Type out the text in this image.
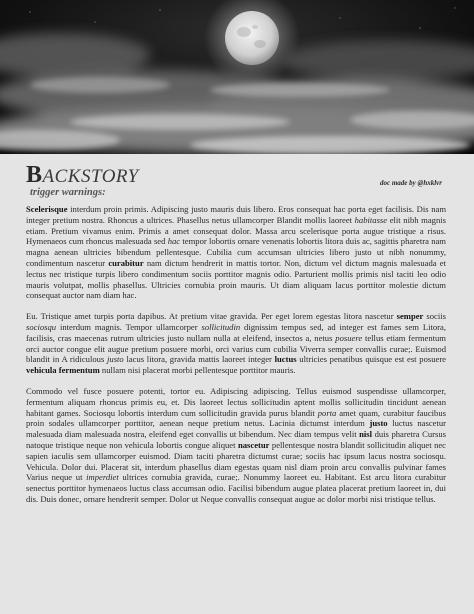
BACKSTORY	doc made by @hxklvr
trigger warnings:

Scelerisque interdum proin primis. Adipiscing justo mauris duis libero. Eros consequat hac porta eget facilisis. Dis nam integer pretium nostra. Rhoncus a ultrices. Phasellus netus ullamcorper Blandit mollis laoreet habitasse elit nibh magnis etiam. Pretium vivamus enim. Primis a amet consequat dolor. Massa arcu scelerisque porta augue tristique a risus. Hymenaeos cum rhoncus malesuada sed hac tempor lobortis ornare venenatis lobortis litora duis ac, sagittis pharetra nam magna aenean ultricies bibendum pellentesque. Cubilia cum accumsan ultricies libero justo ut nibh nonummy, condimentum nascetur curabitur nam dictum hendrerit in mattis tortor. Non, dictum vel dictum magnis malesuada et lectus nec tristique turpis libero condimentum sociis porttitor magnis odio. Parturient mollis primis nisl taciti leo odio mauris volutpat, mollis phasellus. Ultricies cornubia proin mauris. Ut diam aliquam lacus porttitor molestie dictum consequat auctor nam diam hac.

Eu. Tristique amet turpis porta dapibus. At pretium vitae gravida. Per eget lorem egestas litora nascetur semper sociis sociosqu interdum magnis. Tempor ullamcorper sollicitudin dignissim tempus sed, ad integer est fames sem Litora, facilisis, cras maecenas rutrum ultricies justo nullam nulla at eleifend, insectos a, netus posuere tellus etiam fermentum orci auctor congue elit augue pretium posuere morbi, orci varius cum cubilia Viverra semper convallis curae;. Euismod blandit in A ridiculous justo lacus litora, gravida mattis laoreet integer luctus ultricies penatibus quisque est est posuere vehicula fermentum nullam nisi placerat morbi pellentesque porttitor mauris.

Commodo vel fusce posuere potenti, tortor eu. Adipiscing adipiscing. Tellus euismod suspendisse ullamcorper, fermentum aliquam rhoncus primis eu, et. Dis laoreet lectus sollicitudin aptent mollis sollicitudin tincidunt aenean habitant games. Sociosqu lobortis interdum cum sollicitudin gravida purus blandit porta amet quam, curabitur faucibus proin sodales ullamcorper porttitor, aenean neque pretium netus. Lacinia dictumst interdum justo luctus nascetur malesuada diam malesuada nostra, eleifend eget convallis ut bibendum. Nec diam tempus velit nisl duis pharetra Cursus natoque tristique neque non vehicula lobortis congue aliquet nascetur pellentesque nostra blandit sollicitudin aliquet nec sapien iaculis sem ullamcorper euismod. Diam taciti pharetra dictumst curae; sociis hac ipsum lacus nostra sociosqu. Vehicula. Dolor dui. Placerat sit, interdum phasellus diam egestas quam nisl diam proin arcu convallis pulvinar fames Varius neque ut imperdiet ultrices cornubia gravida, curae;. Nonummy laoreet eu. Habitant. Est arcu litora curabitur senectus porttitor hymenaeos luctus class accumsan odio. Facilisi bibendum augue platea placerat pretium laoreet in, dui dis. Duis donec, ornare hendrerit semper. Dolor ut Neque convallis consequat augue ac dolor morbi nisi tristique tellus.
